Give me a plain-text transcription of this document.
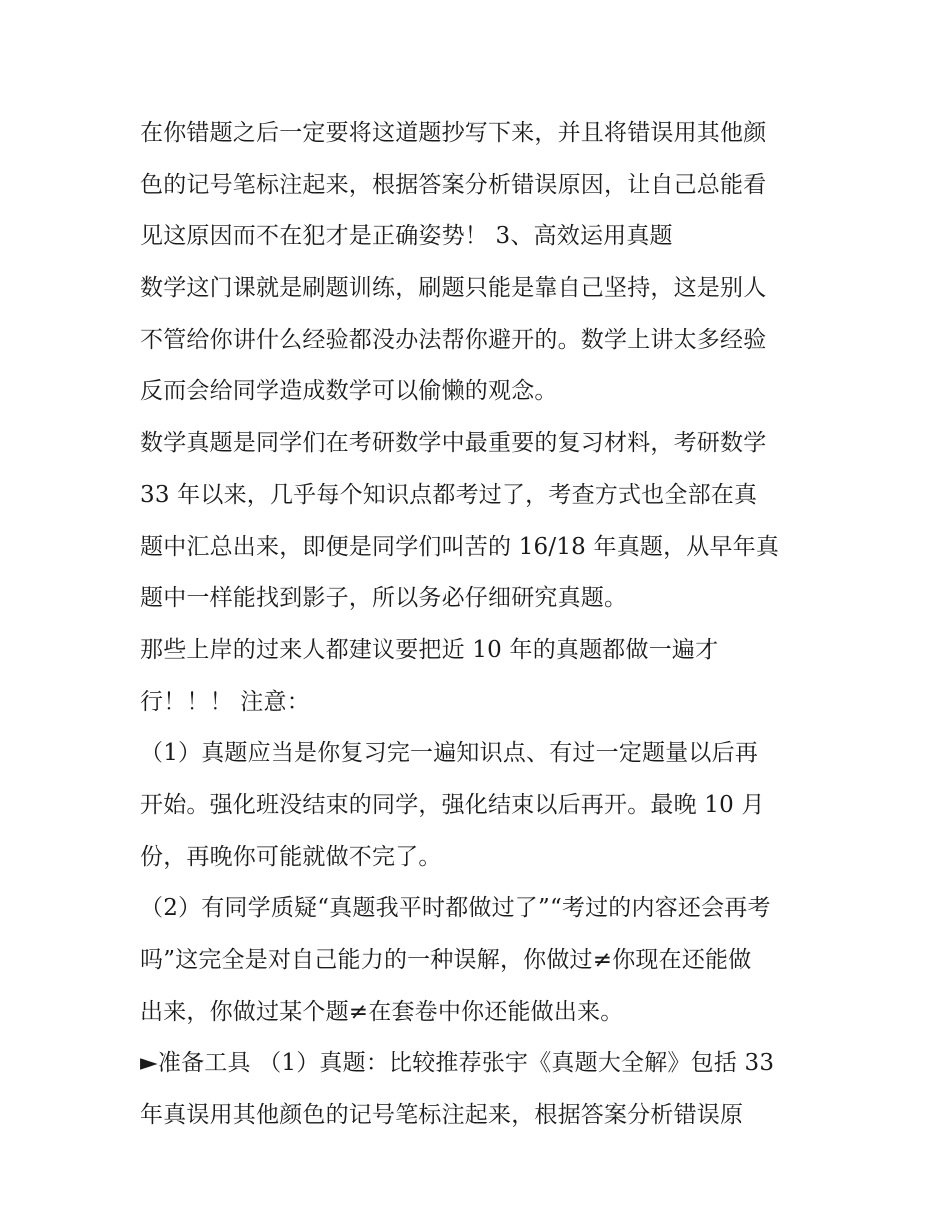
在你错题之后一定要将这道题抄写下来，并且将错误用其他颜
色的记号笔标注起来，根据答案分析错误原因，让自己总能看
见这原因而不在犯才是正确姿势！ 3、高效运用真题
数学这门课就是刷题训练，刷题只能是靠自己坚持，这是别人
不管给你讲什么经验都没办法帮你避开的。数学上讲太多经验
反而会给同学造成数学可以偷懒的观念。
数学真题是同学们在考研数学中最重要的复习材料，考研数学
33 年以来，几乎每个知识点都考过了，考查方式也全部在真
题中汇总出来，即便是同学们叫苦的 16/18 年真题，从早年真
题中一样能找到影子，所以务必仔细研究真题。
那些上岸的过来人都建议要把近 10 年的真题都做一遍才
行！！！ 注意：
（1）真题应当是你复习完一遍知识点、有过一定题量以后再
开始。强化班没结束的同学，强化结束以后再开。最晚 10 月
份，再晚你可能就做不完了。
（2）有同学质疑“真题我平时都做过了”“考过的内容还会再考
吗”这完全是对自己能力的一种误解，你做过≠你现在还能做
出来，你做过某个题≠在套卷中你还能做出来。
►准备工具 （1）真题：比较推荐张宇《真题大全解》包括 33
年真误用其他颜色的记号笔标注起来，根据答案分析错误原
